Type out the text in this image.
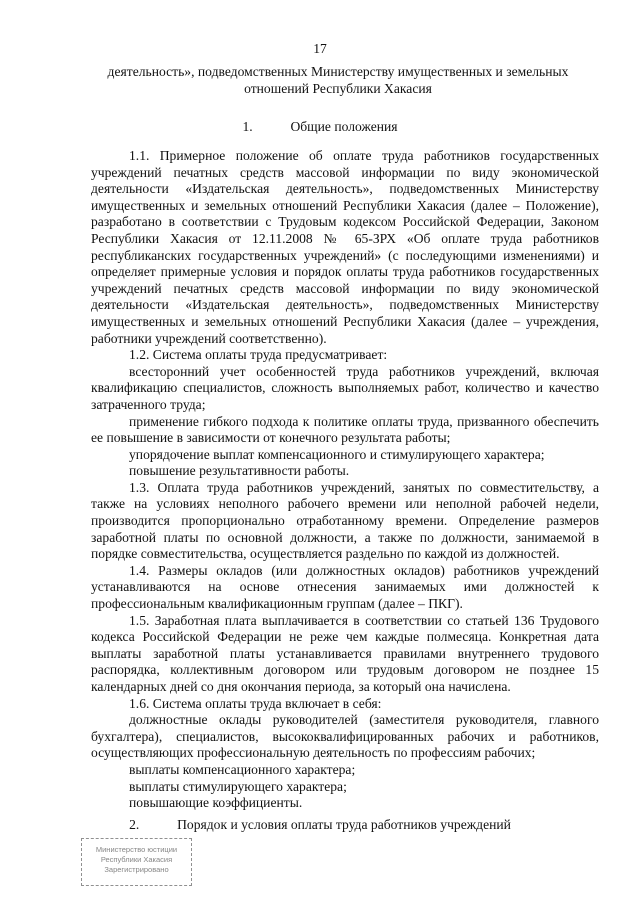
17
деятельность», подведомственных Министерству имущественных и земельных
отношений Республики Хакасия
1.	Общие положения

1.1. Примерное положение об оплате труда работников государственных учреждений печатных средств массовой информации по виду экономической деятельности «Издательская деятельность», подведомственных Министерству имущественных и земельных отношений Республики Хакасия (далее – Положение), разработано в соответствии с Трудовым кодексом Российской Федерации, Законом Республики Хакасия от 12.11.2008 № 65-ЗРХ «Об оплате труда работников республиканских государственных учреждений» (с последующими изменениями) и определяет примерные условия и порядок оплаты труда работников государственных учреждений печатных средств массовой информации по виду экономической деятельности «Издательская деятельность», подведомственных Министерству имущественных и земельных отношений Республики Хакасия (далее – учреждения, работники учреждений соответственно).

1.2. Система оплаты труда предусматривает:

всесторонний учет особенностей труда работников учреждений, включая квалификацию специалистов, сложность выполняемых работ, количество и качество затраченного труда;

применение гибкого подхода к политике оплаты труда, призванного обеспечить ее повышение в зависимости от конечного результата работы;

упорядочение выплат компенсационного и стимулирующего характера;

повышение результативности работы.

1.3. Оплата труда работников учреждений, занятых по совместительству, а также на условиях неполного рабочего времени или неполной рабочей недели, производится пропорционально отработанному времени. Определение размеров заработной платы по основной должности, а также по должности, занимаемой в порядке совместительства, осуществляется раздельно по каждой из должностей.

1.4. Размеры окладов (или должностных окладов) работников учреждений устанавливаются на основе отнесения занимаемых ими должностей к профессиональным квалификационным группам (далее – ПКГ).

1.5. Заработная плата выплачивается в соответствии со статьей 136 Трудового кодекса Российской Федерации не реже чем каждые полмесяца. Конкретная дата выплаты заработной платы устанавливается правилами внутреннего трудового распорядка, коллективным договором или трудовым договором не позднее 15 календарных дней со дня окончания периода, за который она начислена.

1.6. Система оплаты труда включает в себя:

должностные оклады руководителей (заместителя руководителя, главного бухгалтера), специалистов, высококвалифицированных рабочих и работников, осуществляющих профессиональную деятельность по профессиям рабочих;

выплаты компенсационного характера;

выплаты стимулирующего характера;

повышающие коэффициенты.

2.	Порядок и условия оплаты труда работников учреждений
Министерство юстиции
Республики Хакасия
Зарегистрировано
